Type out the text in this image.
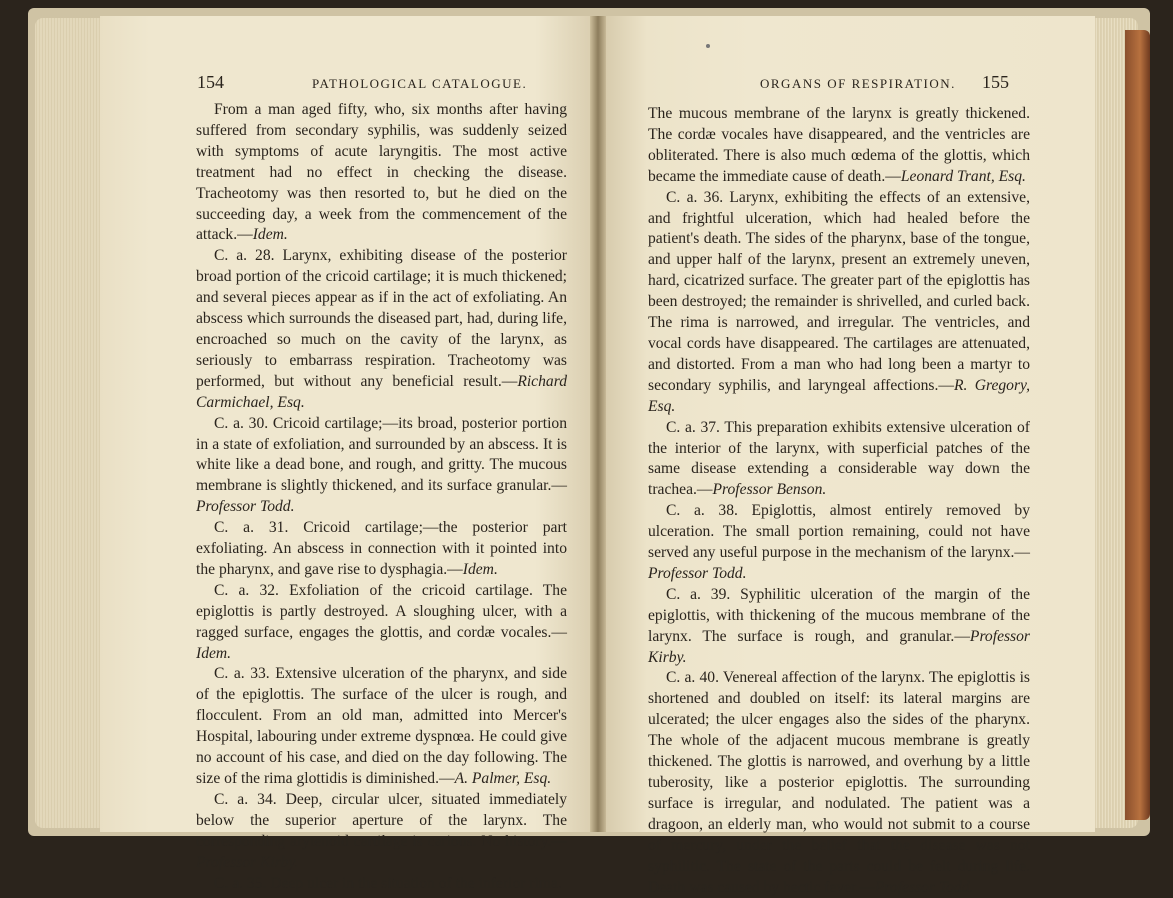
154	PATHOLOGICAL CATALOGUE.	ORGANS OF RESPIRATION. 155

From a man aged fifty, who, six months after having suffered from secondary syphilis, was suddenly seized with symptoms of acute laryngitis. The most active treatment had no effect in checking the disease. Tracheotomy was then resorted to, but he died on the succeeding day, a week from the commencement of the attack.—Idem.

C. a. 28. Larynx, exhibiting disease of the posterior broad portion of the cricoid cartilage; it is much thickened; and several pieces appear as if in the act of exfoliating. An abscess which surrounds the diseased part, had, during life, encroached so much on the cavity of the larynx, as seriously to embarrass respiration. Tracheotomy was performed, but without any beneficial result.—Richard Carmichael, Esq.

C. a. 30. Cricoid cartilage;—its broad, posterior portion in a state of exfoliation, and surrounded by an abscess. It is white like a dead bone, and rough, and gritty. The mucous membrane is slightly thickened, and its surface granular.—Professor Todd.

C. a. 31. Cricoid cartilage;—the posterior part exfoliating. An abscess in connection with it pointed into the pharynx, and gave rise to dysphagia.—Idem.

C. a. 32. Exfoliation of the cricoid cartilage. The epiglottis is partly destroyed. A sloughing ulcer, with a ragged surface, engages the glottis, and cordæ vocales.—Idem.

C. a. 33. Extensive ulceration of the pharynx, and side of the epiglottis. The surface of the ulcer is rough, and flocculent. From an old man, admitted into Mercer's Hospital, labouring under extreme dyspnœa. He could give no account of his case, and died on the day following. The size of the rima glottidis is diminished.—A. Palmer, Esq.

C. a. 34. Deep, circular ulcer, situated immediately below the superior aperture of the larynx. The corresponding arytenoid cartilage is carious. No history.—Professor Kirby.

C. a. 35. Deep ulcer in the situation of the inferior rima.

The mucous membrane of the larynx is greatly thickened. The cordæ vocales have disappeared, and the ventricles are obliterated. There is also much œdema of the glottis, which became the immediate cause of death.—Leonard Trant, Esq.

C. a. 36. Larynx, exhibiting the effects of an extensive, and frightful ulceration, which had healed before the patient's death. The sides of the pharynx, base of the tongue, and upper half of the larynx, present an extremely uneven, hard, cicatrized surface. The greater part of the epiglottis has been destroyed; the remainder is shrivelled, and curled back. The rima is narrowed, and irregular. The ventricles, and vocal cords have disappeared. The cartilages are attenuated, and distorted. From a man who had long been a martyr to secondary syphilis, and laryngeal affections.—R. Gregory, Esq.

C. a. 37. This preparation exhibits extensive ulceration of the interior of the larynx, with superficial patches of the same disease extending a considerable way down the trachea.—Professor Benson.

C. a. 38. Epiglottis, almost entirely removed by ulceration. The small portion remaining, could not have served any useful purpose in the mechanism of the larynx.—Professor Todd.

C. a. 39. Syphilitic ulceration of the margin of the epiglottis, with thickening of the mucous membrane of the larynx. The surface is rough, and granular.—Professor Kirby.

C. a. 40. Venereal affection of the larynx. The epiglottis is shortened and doubled on itself: its lateral margins are ulcerated; the ulcer engages also the sides of the pharynx. The whole of the adjacent mucous membrane is greatly thickened. The glottis is narrowed, and overhung by a little tuberosity, like a posterior epiglottis. The surrounding surface is irregular, and nodulated. The patient was a dragoon, an elderly man, who would not submit to a course of mercury, under the belief that the disease was not syphilitic. The state of the parts could be felt during life. Death was caused by hectic fever.—Professor Todd.
